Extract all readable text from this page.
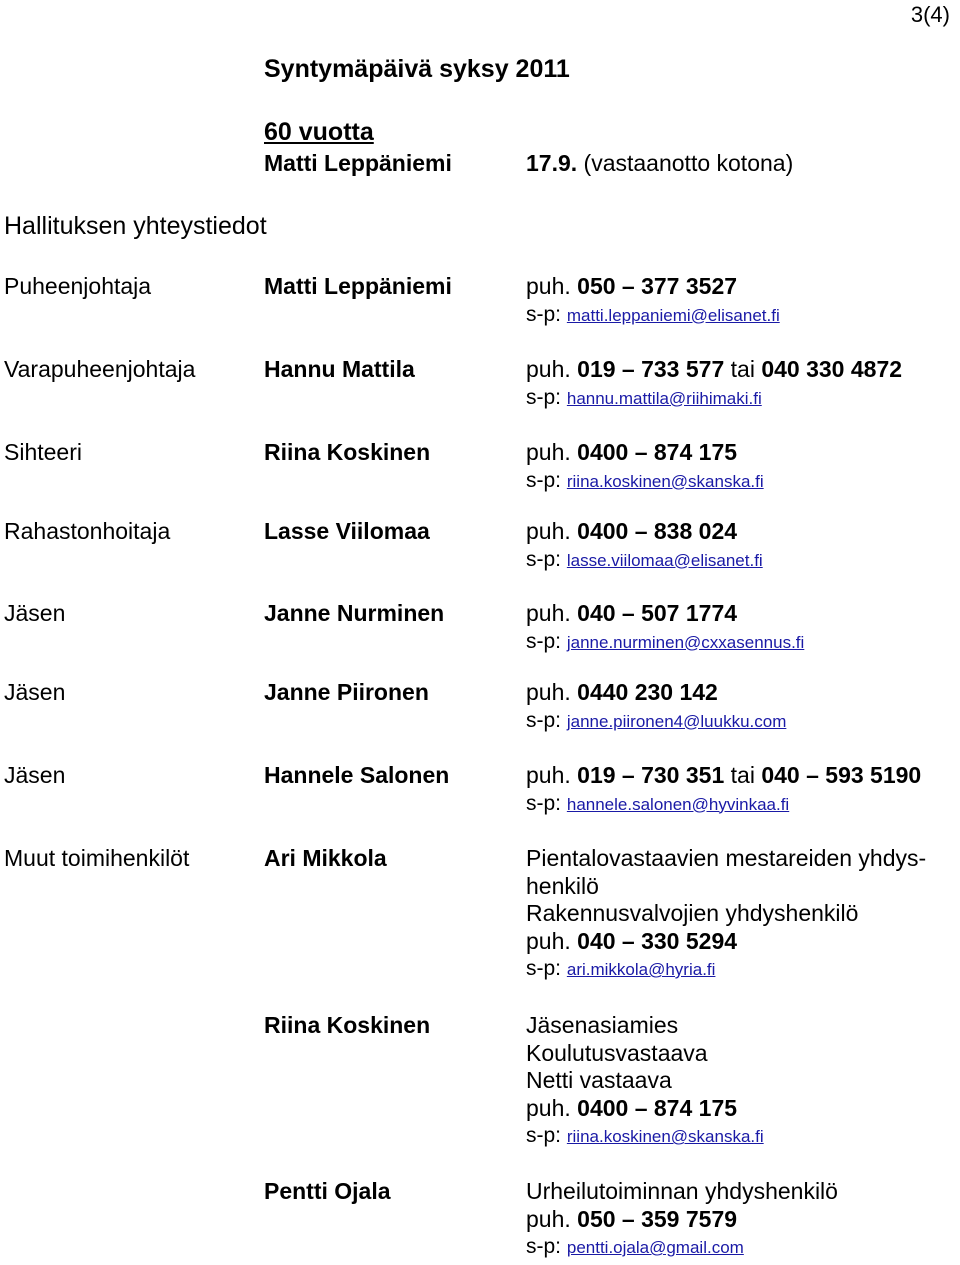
3(4)
Syntymäpäivä syksy 2011
60 vuotta
Matti Leppäniemi	17.9. (vastaanotto kotona)
Hallituksen yhteystiedot
Puheenjohtaja	Matti Leppäniemi	puh. 050 – 377 3527
s-p: matti.leppaniemi@elisanet.fi
Varapuheenjohtaja	Hannu Mattila	puh. 019 – 733 577 tai 040 330 4872
s-p: hannu.mattila@riihimaki.fi
Sihteeri	Riina Koskinen	puh. 0400 – 874 175
s-p: riina.koskinen@skanska.fi
Rahastonhoitaja	Lasse Viilomaa	puh. 0400 – 838 024
s-p: lasse.viilomaa@elisanet.fi
Jäsen	Janne Nurminen	puh. 040 – 507 1774
s-p: janne.nurminen@cxxasennus.fi
Jäsen	Janne Piironen	puh. 0440 230 142
s-p: janne.piironen4@luukku.com
Jäsen	Hannele Salonen	puh. 019 – 730 351 tai 040 – 593 5190
s-p: hannele.salonen@hyvinkaa.fi
Muut toimihenkilöt	Ari Mikkola	Pientalovastaavien mestareiden yhdys-
henkilö
Rakennusvalvojien yhdyshenkilö
puh. 040 – 330 5294
s-p: ari.mikkola@hyria.fi
Riina Koskinen	Jäsenasiamies
Koulutusvastaava
Netti vastaava
puh. 0400 – 874 175
s-p: riina.koskinen@skanska.fi
Pentti Ojala	Urheilutoiminnan yhdyshenkilö
puh. 050 – 359 7579
s-p: pentti.ojala@gmail.com
